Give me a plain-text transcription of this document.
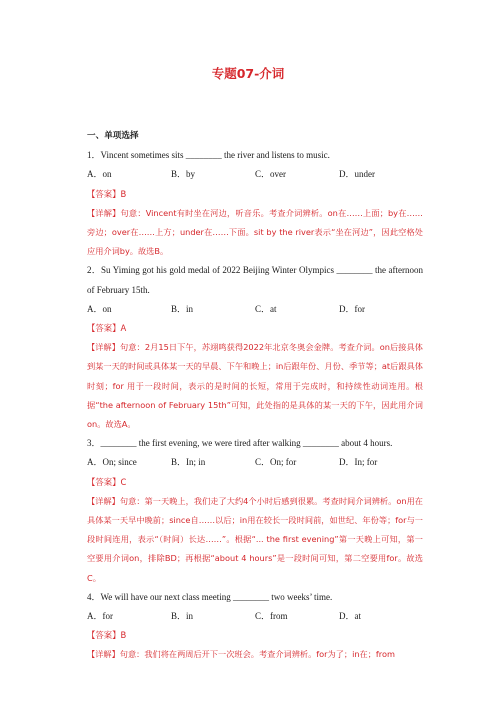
专题07-介词
一、单项选择
1．Vincent sometimes sits ________ the river and listens to music.
A．on	B．by	C．over	D．under
【答案】B
【详解】句意：Vincent有时坐在河边，听音乐。考查介词辨析。on在……上面；by在……旁边；over在……上方；under在……下面。sit by the river表示“坐在河边”，因此空格处应用介词by。故选B。
2．Su Yiming got his gold medal of 2022 Beijing Winter Olympics ________ the afternoon of February 15th.
A．on	B．in	C．at	D．for
【答案】A
【详解】句意：2月15日下午，苏翊鸣获得2022年北京冬奥会金牌。考查介词。on后接具体到某一天的时间或具体某一天的早晨、下午和晚上；in后跟年份、月份、季节等；at后跟具体时刻；for 用于一段时间，表示的是时间的长短，常用于完成时，和持续性动词连用。根据“the afternoon of February 15th”可知，此处指的是具体的某一天的下午，因此用介词on。故选A。
3．________ the first evening, we were tired after walking ________ about 4 hours.
A．On; since	B．In; in	C．On; for	D．In; for
【答案】C
【详解】句意：第一天晚上，我们走了大约4个小时后感到很累。考查时间介词辨析。on用在具体某一天早中晚前；since自……以后；in用在较长一段时间前，如世纪、年份等；for与一段时间连用，表示“（时间）长达……”。根据“... the first evening”第一天晚上可知，第一空要用介词on，排除BD；再根据“about 4 hours”是一段时间可知，第二空要用for。故选C。
4．We will have our next class meeting ________ two weeks’ time.
A．for	B．in	C．from	D．at
【答案】B
【详解】句意：我们将在两周后开下一次班会。考查介词辨析。for为了；in在；from
